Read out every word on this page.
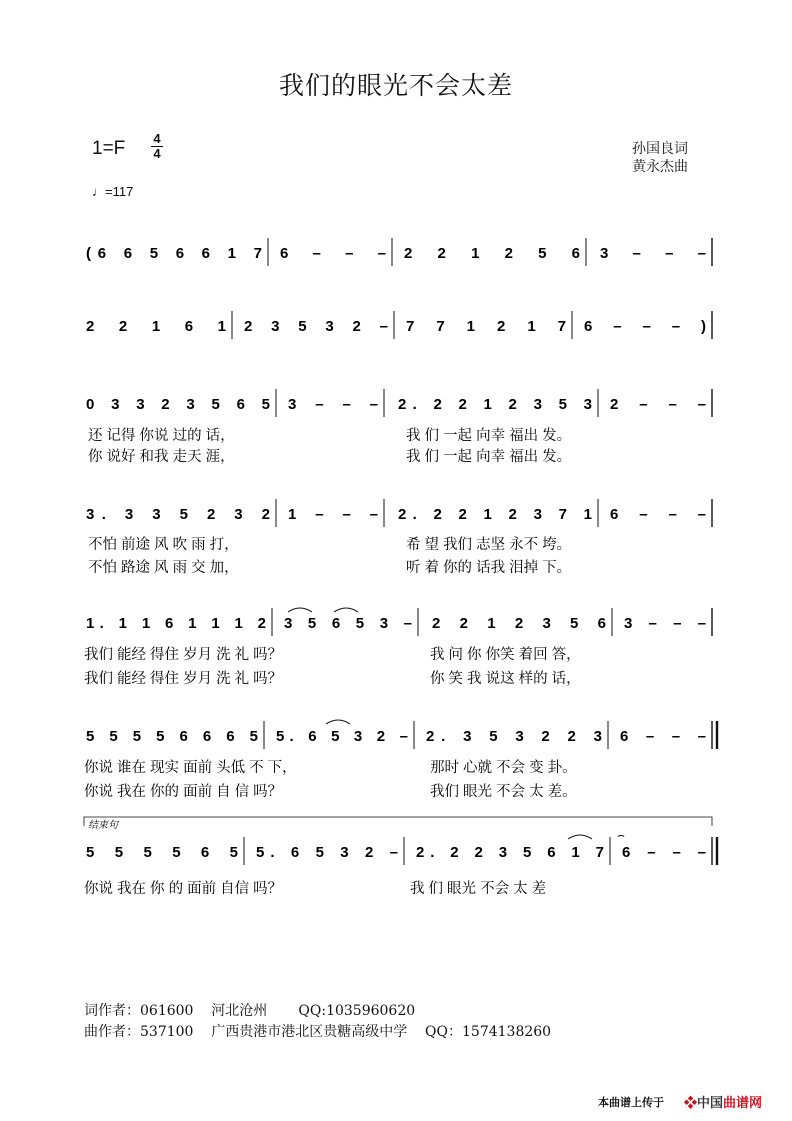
我们的眼光不会太差
1=F 4
4
♩=117
孙国良词
黄永杰曲
(6 6 5 6 6 1 7 6 – – – 2 2 1 2 5 6 3 – – –
2 2 1 6 1 2 3 5 3 2 – 7 7 1 2 1 7 6 – – – )
0 3 3 2 3 5 6 5 3 – – – 2. 2 2 1 2 3 5 3 2 – – –
还 记得 你说 过的 话，	我 们 一起 向幸 福出 发。
你 说好 和我 走天 涯，	我 们 一起 向幸 福出 发。
3. 3 3 5 2 3 2 1 – – – 2. 2 2 1 2 3 7 1 6 – – –
不怕 前途 风 吹 雨 打，	希 望 我们 志坚 永不 垮。
不怕 路途 风 雨 交 加，	听 着 你的 话我 泪掉 下。
1. 1 1 6 1 1 1 2 3 5 6 5 3 – 2 2 1 2 3 5 6 3 – – –
我们 能经 得住 岁月 洗 礼 吗？	我 问 你 你笑 着回 答，
我们 能经 得住 岁月 洗 礼 吗？	你 笑 我 说这 样的 话，
5 5 5 5 6 6 6 5 5. 6 5 3 2 – 2. 3 5 3 2 2 3 6 – – –
你说 谁在 现实 面前 头低 不 下，	那时 心就 不会 变 卦。
你说 我在 你的 面前 自 信 吗？	我们 眼光 不会 太 差。
5 5 5 5 6 5 5. 6 5 3 2 – 2. 2 2 3 5 6 1 7 6 – – –
你说 我在 你 的 面前 自信 吗？	我 们 眼光 不会 太 差
结束句
⌢
词作者：061600    河北沧州       QQ:1035960620
曲作者：537100    广西贵港市港北区贵糖高级中学    QQ：1574138260
本曲谱上传于 ❖中国曲谱网
